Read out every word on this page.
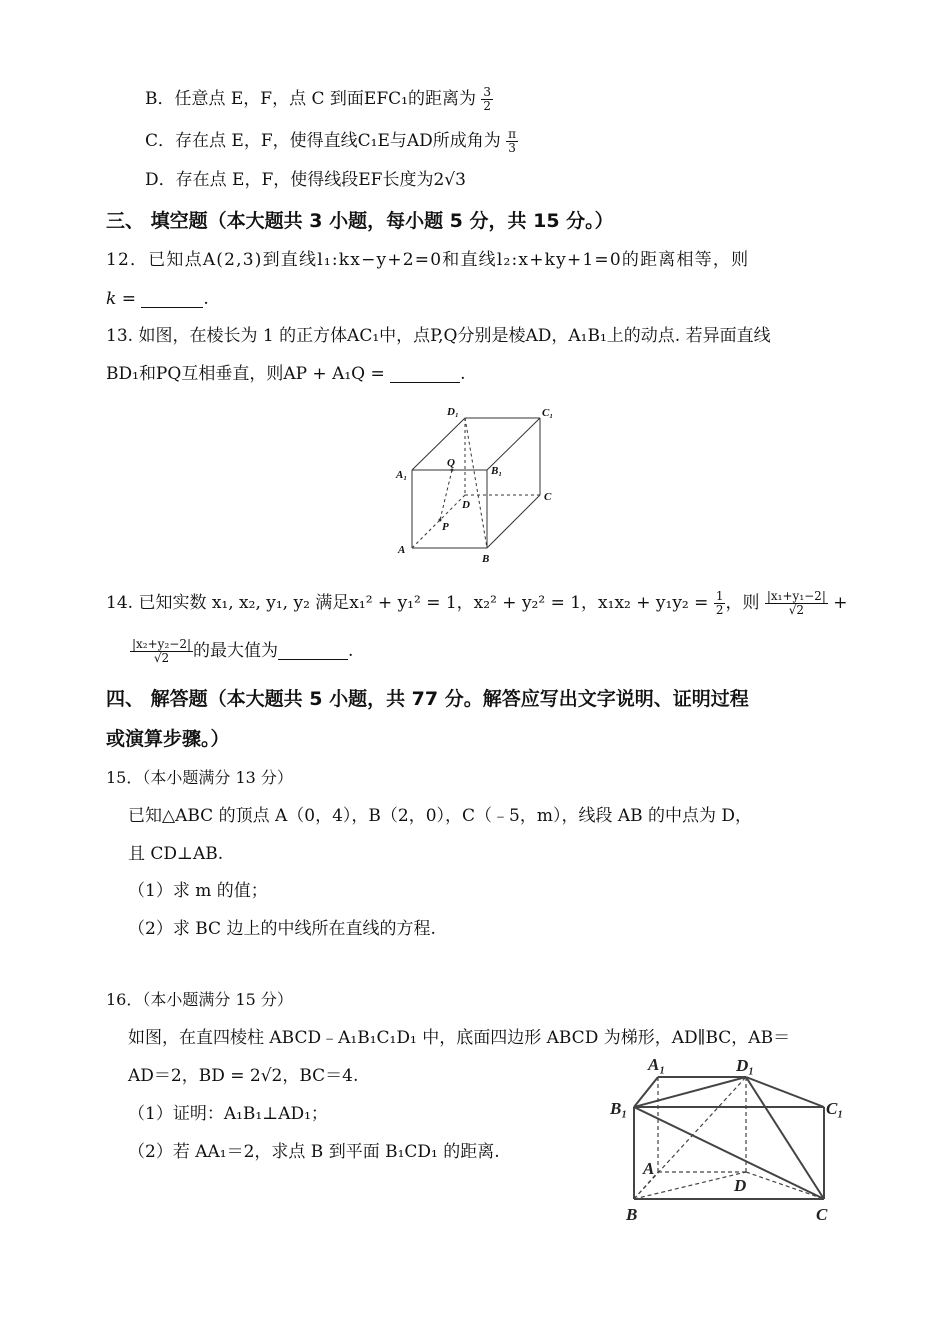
B．任意点 E，F，点 C 到面EFC₁的距离为 $\frac{3}{2}$
C．存在点 E，F，使得直线C₁E与AD所成角为 $\frac{\pi}{3}$
D．存在点 E，F，使得线段EF长度为2√3
三、 填空题（本大题共 3 小题，每小题 5 分，共 15 分。）
12．已知点A(2,3)到直线l₁:kx−y+2=0和直线l₂:x+ky+1=0的距离相等，则
k =	.
13. 如图，在棱长为 1 的正方体AC₁中，点P,Q分别是棱AD，A₁B₁上的动点. 若异面直线
BD₁和PQ互相垂直，则AP + A₁Q =	.
D₁	C₁
A₁
Q
B₁
D
C
P
A
B
14. 已知实数 x₁, x₂, y₁, y₂ 满足x₁² + y₁² = 1，x₂² + y₂² = 1，$x_1x_2 + y_1y_2 = \frac{1}{2}$ ，则 $\frac{\text{|x₁+y₁−2|}}{√2}$ +
$\frac{\text{|x₂+y₂−2|}}{√2}$ 的最大值为	.
四、 解答题（本大题共 5 小题，共 77 分。解答应写出文字说明、证明过程
或演算步骤。）
15．（本小题满分 13 分）
已知△ABC 的顶点 A（0，4），B（2，0），C（﹣5，m），线段 AB 的中点为 D，
且 CD⊥AB.
（1）求 m 的值；
（2）求 BC 边上的中线所在直线的方程.
16．（本小题满分 15 分）
如图，在直四棱柱 ABCD﹣A₁B₁C₁D₁ 中，底面四边形 ABCD 为梯形，AD∥BC，AB＝
AD＝2，BD = 2√2，BC＝4.
（1）证明：A₁B₁⊥AD₁；
（2）若 AA₁＝2，求点 B 到平面 B₁CD₁ 的距离.
A₁	D₁
B₁	C₁
A
D
B	C
